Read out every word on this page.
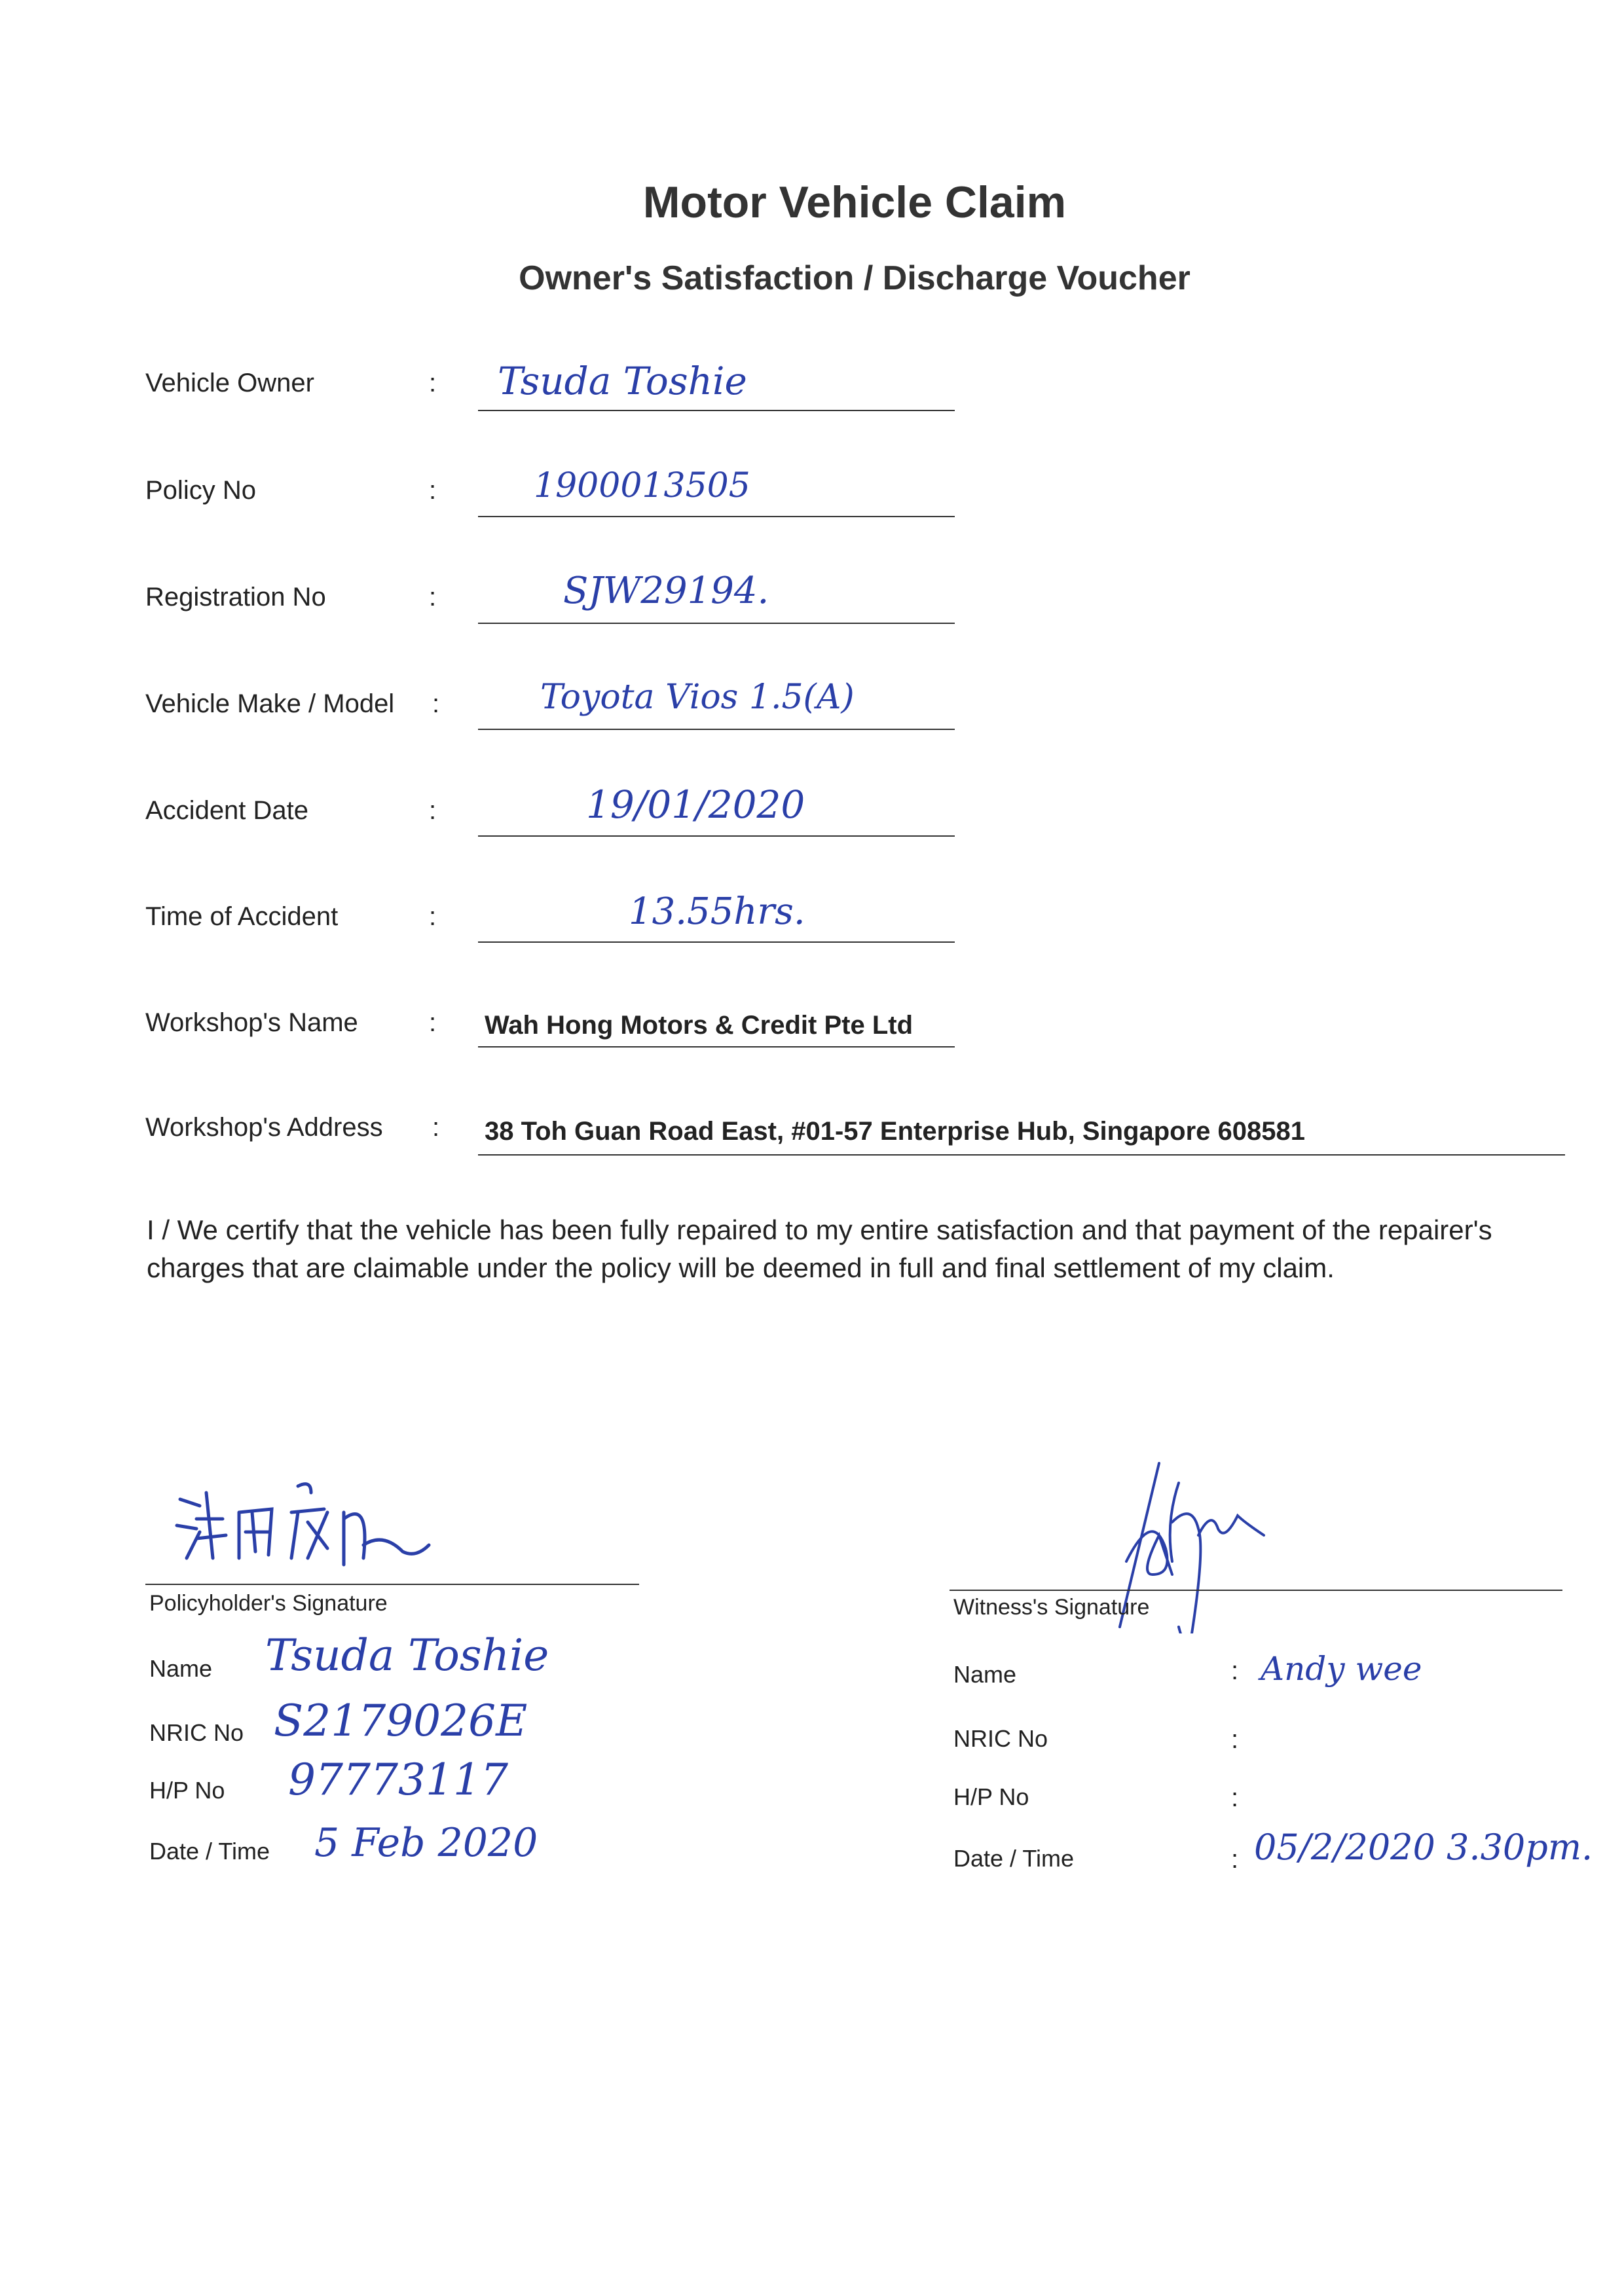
Motor Vehicle Claim
Owner's Satisfaction / Discharge Voucher
Vehicle Owner	: Tsuda Toshie
Policy No	:	1900013505
Registration No	:	SJW29194.
Vehicle Make / Model :	Toyota Vios 1.5(A)
Accident Date	:	19/01/2020
Time of Accident	:	13.55hrs.
Workshop's Name	: Wah Hong Motors & Credit Pte Ltd
Workshop's Address : 38 Toh Guan Road East, #01-57 Enterprise Hub, Singapore 608581
I / We certify that the vehicle has been fully repaired to my entire satisfaction and that payment of the repairer's charges that are claimable under the policy will be deemed in full and final settlement of my claim.
津田敏恵
Policyholder's Signature
Name Tsuda Toshie
NRIC No S2179026E
H/P No 97773117
Date / Time 5 Feb 2020
Witness's Signature
Name	: Andy wee
NRIC No	:
H/P No	:
Date / Time	: 05/2/2020 3.30pm.
